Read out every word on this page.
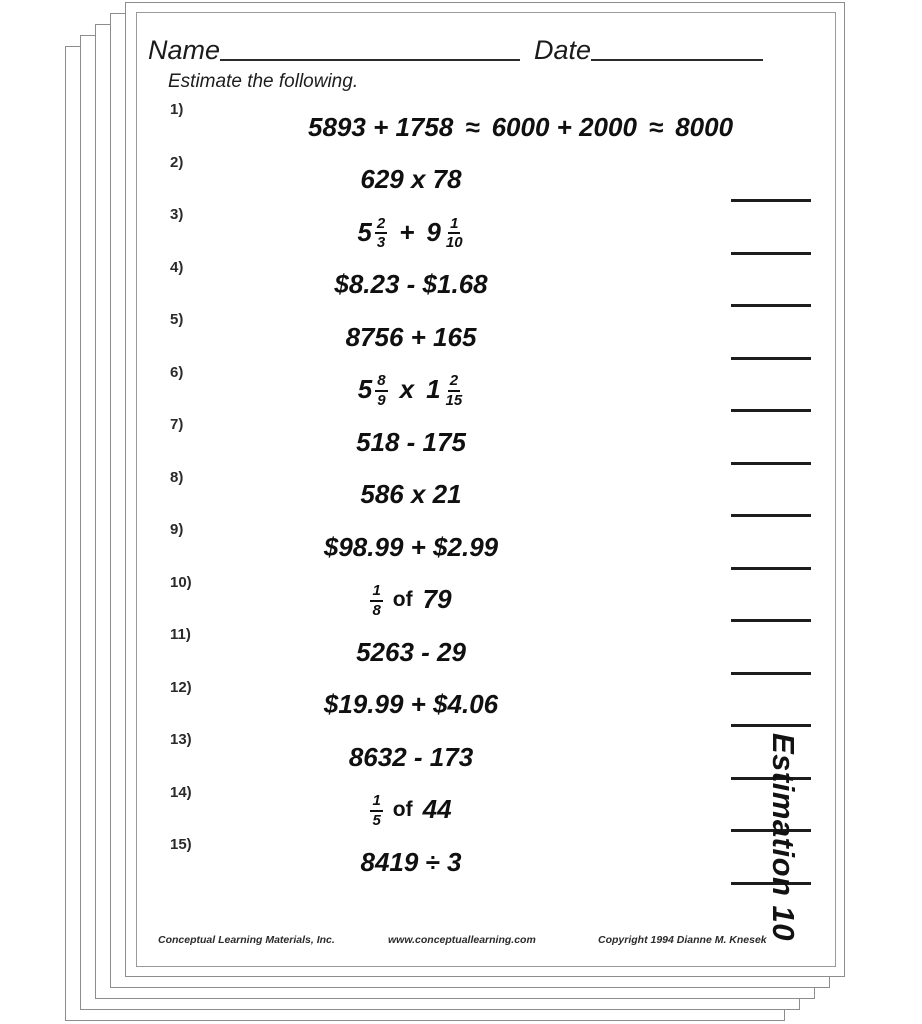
Name	Date
Estimate the following.
1)
5893 + 1758 ≈ 6000 + 2000 ≈ 8000
2)
629 x 78
3)
$5 \frac{2}{3} + 9 \frac{1}{10}$
4)
$8.23 - $1.68
5)
8756 + 165
6)
$5 \frac{8}{9}$ x $1 \frac{2}{15}$
7)
518 - 175
8)
586 x 21
9)
$98.99 + $2.99
10)
$\frac{1}{8}$ of 79
11)
5263 - 29
12)
$19.99 + $4.06
13)
8632 - 173
14)
$\frac{1}{5}$ of 44
15)
8419 ÷ 3
Conceptual Learning Materials, Inc.	www.conceptuallearning.com	Copyright 1994 Dianne M. Knesek Estimation 10
